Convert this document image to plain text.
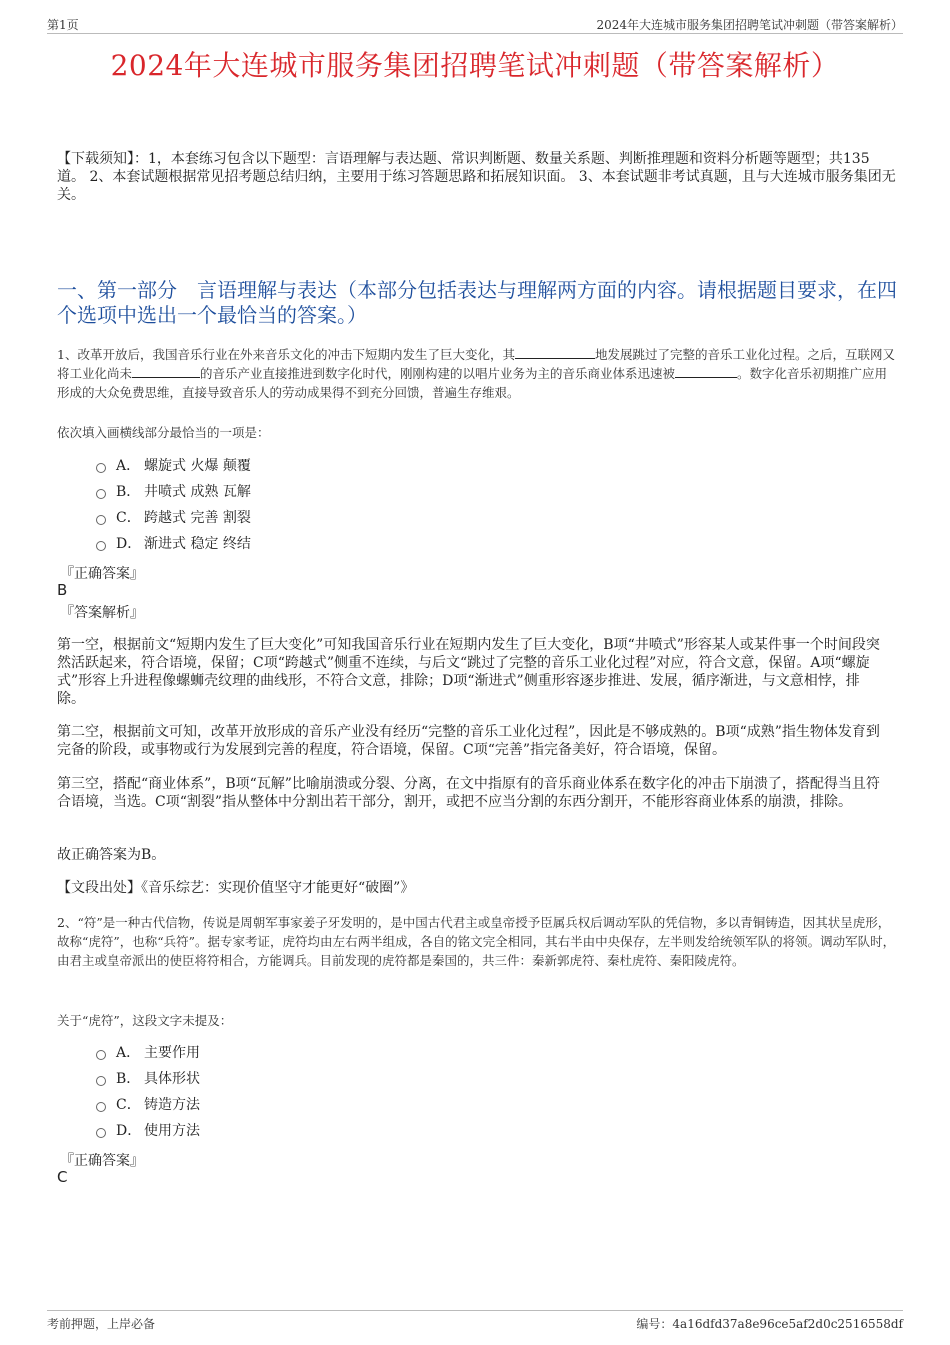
第1页	2024年大连城市服务集团招聘笔试冲刺题（带答案解析）
2024年大连城市服务集团招聘笔试冲刺题（带答案解析）
【下载须知】：1，本套练习包含以下题型：言语理解与表达题、常识判断题、数量关系题、判断推理题和资料分析题等题型；共135道。 2、本套试题根据常见招考题总结归纳，主要用于练习答题思路和拓展知识面。 3、本套试题非考试真题，且与大连城市服务集团无关。
一、第一部分　言语理解与表达（本部分包括表达与理解两方面的内容。请根据题目要求，在四个选项中选出一个最恰当的答案。）
1、改革开放后，我国音乐行业在外来音乐文化的冲击下短期内发生了巨大变化，其	地发展跳过了完整的音乐工业化过程。之后，互联网又将工业化尚未	的音乐产业直接推进到数字化时代，刚刚构建的以唱片业务为主的音乐商业体系迅速被	。数字化音乐初期推广应用形成的大众免费思维，直接导致音乐人的劳动成果得不到充分回馈，普遍生存维艰。
依次填入画横线部分最恰当的一项是：
A． 螺旋式 火爆 颠覆
B． 井喷式 成熟 瓦解
C． 跨越式 完善 割裂
D． 渐进式 稳定 终结
『正确答案』
B
『答案解析』
第一空，根据前文“短期内发生了巨大变化”可知我国音乐行业在短期内发生了巨大变化，B项“井喷式”形容某人或某件事一个时间段突然活跃起来，符合语境，保留；C项“跨越式”侧重不连续，与后文“跳过了完整的音乐工业化过程”对应，符合文意，保留。A项“螺旋式”形容上升进程像螺蛳壳纹理的曲线形，不符合文意，排除；D项“渐进式”侧重形容逐步推进、发展，循序渐进，与文意相悖，排除。
第二空，根据前文可知，改革开放形成的音乐产业没有经历“完整的音乐工业化过程”，因此是不够成熟的。B项“成熟”指生物体发育到完备的阶段，或事物或行为发展到完善的程度，符合语境，保留。C项“完善”指完备美好，符合语境，保留。
第三空，搭配“商业体系”，B项“瓦解”比喻崩溃或分裂、分离，在文中指原有的音乐商业体系在数字化的冲击下崩溃了，搭配得当且符合语境，当选。C项“割裂”指从整体中分割出若干部分，割开，或把不应当分割的东西分割开，不能形容商业体系的崩溃，排除。
故正确答案为B。
【文段出处】《音乐综艺：实现价值坚守才能更好“破圈”》
2、“符”是一种古代信物，传说是周朝军事家姜子牙发明的，是中国古代君主或皇帝授予臣属兵权后调动军队的凭信物，多以青铜铸造，因其状呈虎形，故称“虎符”，也称“兵符”。据专家考证，虎符均由左右两半组成，各自的铭文完全相同，其右半由中央保存，左半则发给统领军队的将领。调动军队时，由君主或皇帝派出的使臣将符相合，方能调兵。目前发现的虎符都是秦国的，共三件：秦新郭虎符、秦杜虎符、秦阳陵虎符。
关于“虎符”，这段文字未提及：
A． 主要作用
B． 具体形状
C． 铸造方法
D． 使用方法
『正确答案』
C
考前押题，上岸必备	编号：4a16dfd37a8e96ce5af2d0c2516558df
